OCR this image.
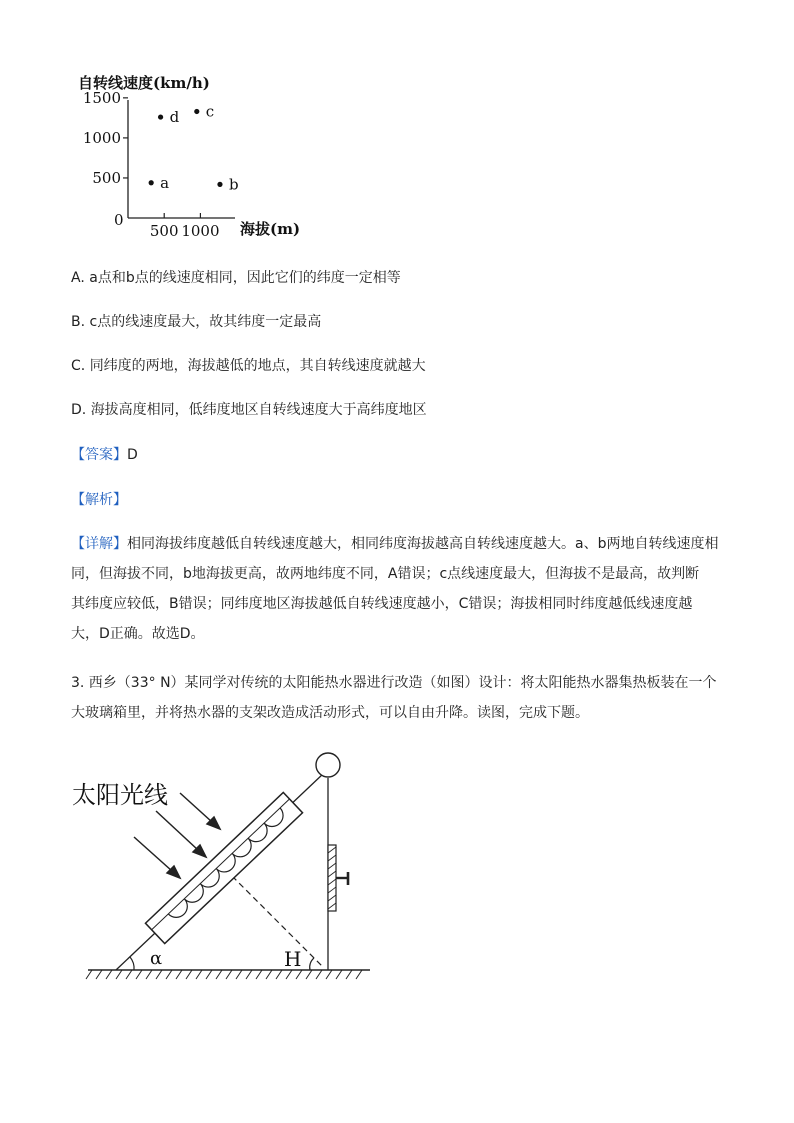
自转线速度(km/h)
海拔(m)
0
500
1000
1500
500 1000
a	b
c
d
A. a点和b点的线速度相同，因此它们的纬度一定相等
B. c点的线速度最大，故其纬度一定最高
C. 同纬度的两地，海拔越低的地点，其自转线速度就越大
D. 海拔高度相同，低纬度地区自转线速度大于高纬度地区
【答案】D
【解析】
【详解】相同海拔纬度越低自转线速度越大，相同纬度海拔越高自转线速度越大。a、b两地自转线速度相
同，但海拔不同，b地海拔更高，故两地纬度不同，A错误；c点线速度最大，但海拔不是最高，故判断
其纬度应较低，B错误；同纬度地区海拔越低自转线速度越小，C错误；海拔相同时纬度越低线速度越
大，D正确。故选D。
3. 西乡（33° N）某同学对传统的太阳能热水器进行改造（如图）设计：将太阳能热水器集热板装在一个
大玻璃箱里，并将热水器的支架改造成活动形式，可以自由升降。读图，完成下题。
太阳光线
α	H
